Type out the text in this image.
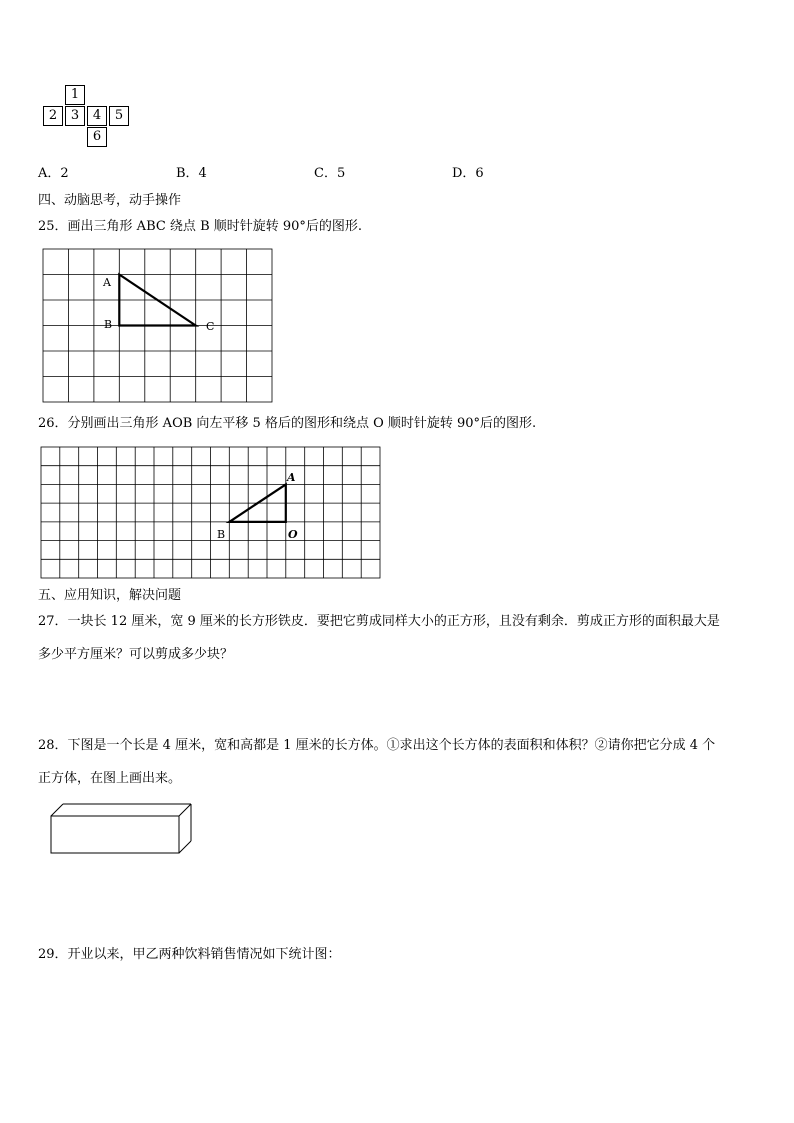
1
2	3	4	5
6
A．2	B．4	C．5	D．6
四、动脑思考，动手操作
25．画出三角形 ABC 绕点 B 顺时针旋转 90°后的图形.
A
B	C
26．分别画出三角形 AOB 向左平移 5 格后的图形和绕点 O 顺时针旋转 90°后的图形.
A
B	O
五、应用知识，解决问题
27．一块长 12 厘米，宽 9 厘米的长方形铁皮．要把它剪成同样大小的正方形，且没有剩余．剪成正方形的面积最大是
多少平方厘米？可以剪成多少块？
28．下图是一个长是 4 厘米，宽和高都是 1 厘米的长方体。①求出这个长方体的表面积和体积？②请你把它分成 4 个
正方体，在图上画出来。
29．开业以来，甲乙两种饮料销售情况如下统计图：
